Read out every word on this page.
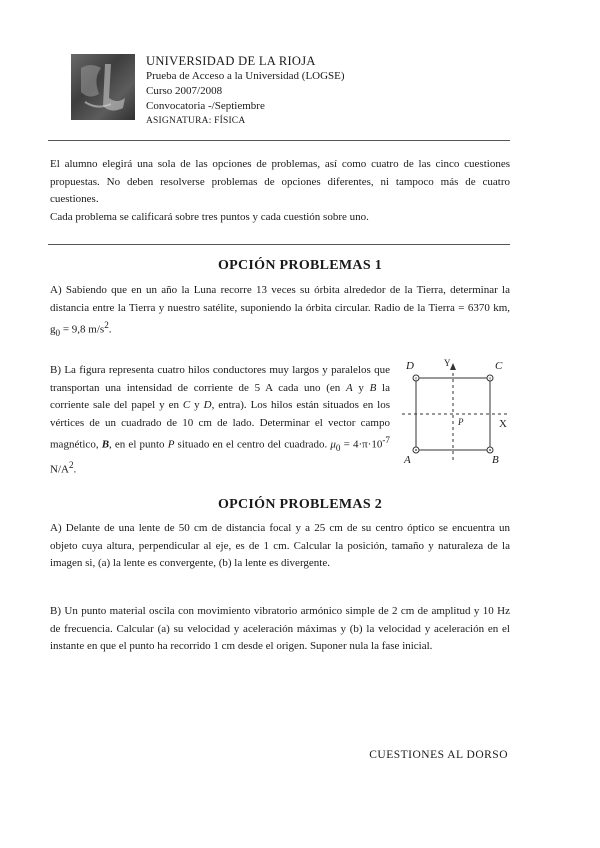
UNIVERSIDAD DE LA RIOJA
Prueba de Acceso a la Universidad (LOGSE)
Curso 2007/2008
Convocatoria -/Septiembre
ASIGNATURA: FÍSICA
El alumno elegirá una sola de las opciones de problemas, así como cuatro de las cinco cuestiones propuestas. No deben resolverse problemas de opciones diferentes, ni tampoco más de cuatro cuestiones.
Cada problema se calificará sobre tres puntos y cada cuestión sobre uno.
OPCIÓN PROBLEMAS 1
A) Sabiendo que en un año la Luna recorre 13 veces su órbita alrededor de la Tierra, determinar la distancia entre la Tierra y nuestro satélite, suponiendo la órbita circular. Radio de la Tierra = 6370 km, $g_0 = 9,8$ $m/s^2$.
B) La figura representa cuatro hilos conductores muy largos y paralelos que transportan una intensidad de corriente de 5 A cada uno (en A y B la corriente sale del papel y en C y D, entra). Los hilos están situados en los vértices de un cuadrado de 10 cm de lado. Determinar el vector campo magnético, B, en el punto P situado en el centro del cuadrado. $\mu_0 = 4\cdot\pi\cdot 10^{-7}$ $N/A^2$.
×	×
D	C
A	B
P	X
Y
OPCIÓN PROBLEMAS 2
A) Delante de una lente de 50 cm de distancia focal y a 25 cm de su centro óptico se encuentra un objeto cuya altura, perpendicular al eje, es de 1 cm. Calcular la posición, tamaño y naturaleza de la imagen si, (a) la lente es convergente, (b) la lente es divergente.
B) Un punto material oscila con movimiento vibratorio armónico simple de 2 cm de amplitud y 10 Hz de frecuencia. Calcular (a) su velocidad y aceleración máximas y (b) la velocidad y aceleración en el instante en que el punto ha recorrido 1 cm desde el origen. Suponer nula la fase inicial.
CUESTIONES AL DORSO
